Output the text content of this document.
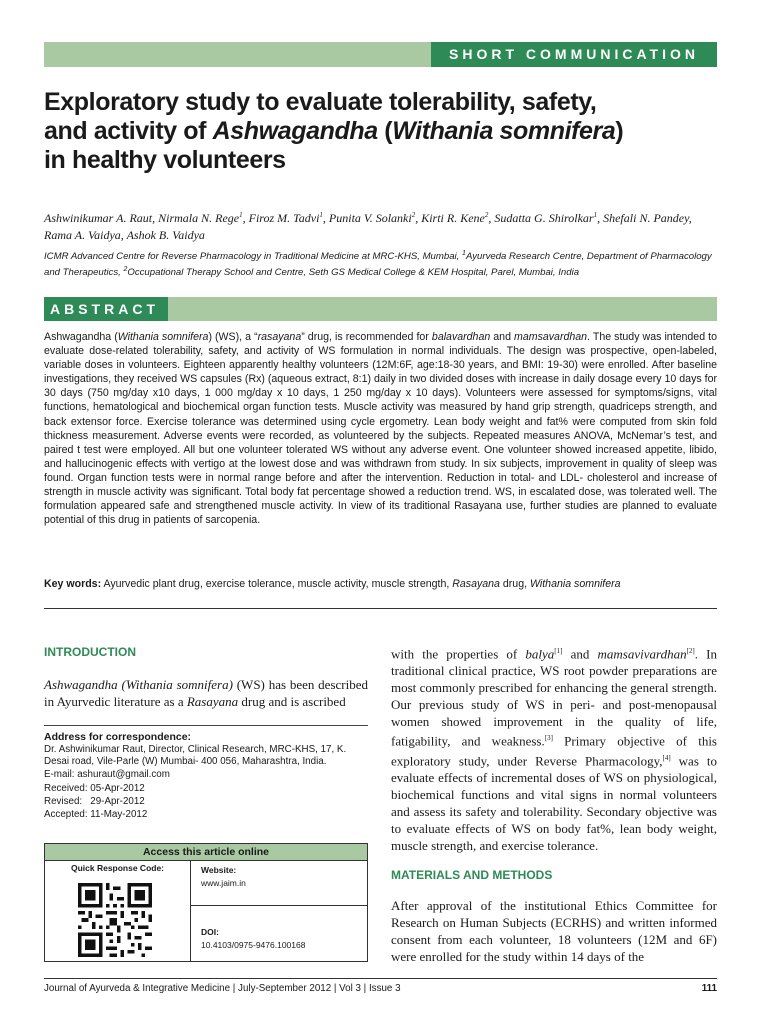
SHORT COMMUNICATION
Exploratory study to evaluate tolerability, safety,
and activity of Ashwagandha (Withania somnifera)
in healthy volunteers
Ashwinikumar A. Raut, Nirmala N. Rege$^1$, Firoz M. Tadvi$^1$, Punita V. Solanki$^2$, Kirti R. Kene$^2$, Sudatta G. Shirolkar$^1$, Shefali N. Pandey, Rama A. Vaidya, Ashok B. Vaidya
ICMR Advanced Centre for Reverse Pharmacology in Traditional Medicine at MRC-KHS, Mumbai, $^1$Ayurveda Research Centre, Department of Pharmacology and Therapeutics, $^2$Occupational Therapy School and Centre, Seth GS Medical College & KEM Hospital, Parel, Mumbai, India
ABSTRACT
Ashwagandha (Withania somnifera) (WS), a “rasayana” drug, is recommended for balavardhan and mamsavardhan. The study was intended to evaluate dose-related tolerability, safety, and activity of WS formulation in normal individuals. The design was prospective, open-labeled, variable doses in volunteers. Eighteen apparently healthy volunteers (12M:6F, age:18-30 years, and BMI: 19-30) were enrolled. After baseline investigations, they received WS capsules (Rx) (aqueous extract, 8:1) daily in two divided doses with increase in daily dosage every 10 days for 30 days (750 mg/day x10 days, 1 000 mg/day x 10 days, 1 250 mg/day x 10 days). Volunteers were assessed for symptoms/signs, vital functions, hematological and biochemical organ function tests. Muscle activity was measured by hand grip strength, quadriceps strength, and back extensor force. Exercise tolerance was determined using cycle ergometry. Lean body weight and fat% were computed from skin fold thickness measurement. Adverse events were recorded, as volunteered by the subjects. Repeated measures ANOVA, McNemar’s test, and paired t test were employed. All but one volunteer tolerated WS without any adverse event. One volunteer showed increased appetite, libido, and hallucinogenic effects with vertigo at the lowest dose and was withdrawn from study. In six subjects, improvement in quality of sleep was found. Organ function tests were in normal range before and after the intervention. Reduction in total- and LDL- cholesterol and increase of strength in muscle activity was significant. Total body fat percentage showed a reduction trend. WS, in escalated dose, was tolerated well. The formulation appeared safe and strengthened muscle activity. In view of its traditional Rasayana use, further studies are planned to evaluate potential of this drug in patients of sarcopenia.
Key words: Ayurvedic plant drug, exercise tolerance, muscle activity, muscle strength, Rasayana drug, Withania somnifera
INTRODUCTION
Ashwagandha (Withania somnifera) (WS) has been described in Ayurvedic literature as a Rasayana drug and is ascribed
Address for correspondence:
Dr. Ashwinikumar Raut, Director, Clinical Research, MRC-KHS, 17, K. Desai road, Vile-Parle (W) Mumbai- 400 056, Maharashtra, India.
E-mail: ashuraut@gmail.com
Received: 05-Apr-2012
Revised:   29-Apr-2012
Accepted: 11-May-2012
Access this article online
Quick Response Code:	Website:
www.jaim.in
DOI:
10.4103/0975-9476.100168
with the properties of balya[1] and mamsavivardhan[2]. In traditional clinical practice, WS root powder preparations are most commonly prescribed for enhancing the general strength. Our previous study of WS in peri- and post-menopausal women showed improvement in the quality of life, fatigability, and weakness.[3] Primary objective of this exploratory study, under Reverse Pharmacology,[4] was to evaluate effects of incremental doses of WS on physiological, biochemical functions and vital signs in normal volunteers and assess its safety and tolerability. Secondary objective was to evaluate effects of WS on body fat%, lean body weight, muscle strength, and exercise tolerance.
MATERIALS AND METHODS
After approval of the institutional Ethics Committee for Research on Human Subjects (ECRHS) and written informed consent from each volunteer, 18 volunteers (12M and 6F) were enrolled for the study within 14 days of the
Journal of Ayurveda & Integrative Medicine | July-September 2012 | Vol 3 | Issue 3	111
